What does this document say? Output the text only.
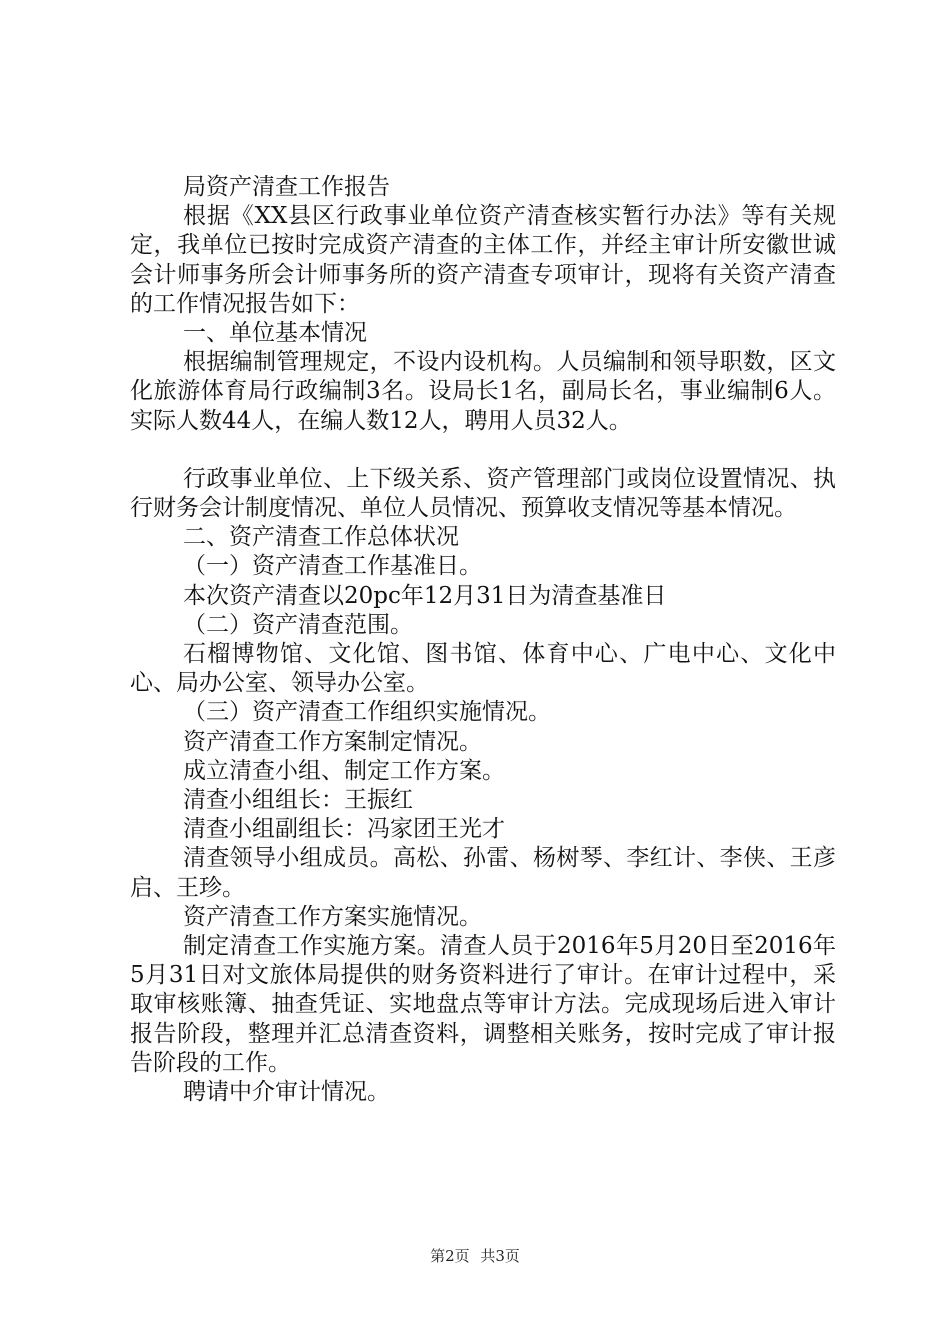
局资产清查工作报告

根据《XX县区行政事业单位资产清查核实暂行办法》等有关规定，我单位已按时完成资产清查的主体工作，并经主审计所安徽世诚会计师事务所会计师事务所的资产清查专项审计，现将有关资产清查的工作情况报告如下：

一、单位基本情况

根据编制管理规定，不设内设机构。人员编制和领导职数，区文化旅游体育局行政编制3名。设局长1名，副局长名，事业编制6人。实际人数44人，在编人数12人，聘用人员32人。

行政事业单位、上下级关系、资产管理部门或岗位设置情况、执行财务会计制度情况、单位人员情况、预算收支情况等基本情况。

二、资产清查工作总体状况

（一）资产清查工作基准日。

本次资产清查以20pc年12月31日为清查基准日

（二）资产清查范围。

石榴博物馆、文化馆、图书馆、体育中心、广电中心、文化中心、局办公室、领导办公室。

（三）资产清查工作组织实施情况。

资产清查工作方案制定情况。

成立清查小组、制定工作方案。

清查小组组长：王振红

清查小组副组长：冯家团王光才

清查领导小组成员。高松、孙雷、杨树琴、李红计、李侠、王彦启、王珍。

资产清查工作方案实施情况。

制定清查工作实施方案。清查人员于2016年5月20日至2016年5月31日对文旅体局提供的财务资料进行了审计。在审计过程中，采取审核账簿、抽查凭证、实地盘点等审计方法。完成现场后进入审计报告阶段，整理并汇总清查资料，调整相关账务，按时完成了审计报告阶段的工作。

聘请中介审计情况。

第2页 共3页
